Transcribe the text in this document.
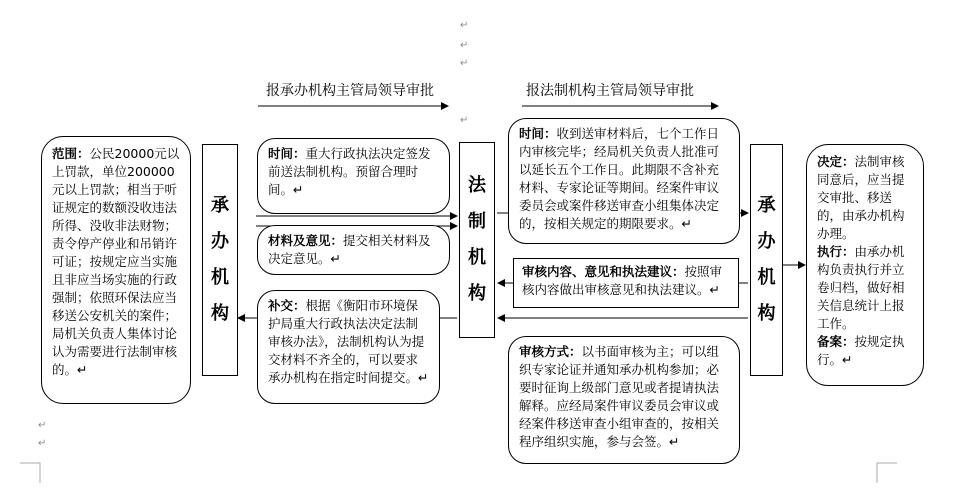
报承办机构主管局领导审批	报法制机构主管局领导审批
范围：公民20000元以上罚款，单位200000元以上罚款；相当于听证规定的数额没收违法所得、没收非法财物；责令停产停业和吊销许可证；按规定应当实施且非应当场实施的行政强制；依照环保法应当移送公安机关的案件；局机关负责人集体讨论认为需要进行法制审核的。↵
承
办
机
构
时间：重大行政执法决定签发前送法制机构。预留合理时间。↵
材料及意见：提交相关材料及决定意见。↵
补交：根据《衡阳市环境保护局重大行政执法决定法制审核办法》，法制机构认为提交材料不齐全的，可以要求承办机构在指定时间提交。↵
法
制
机
构
时间：收到送审材料后，七个工作日内审核完毕；经局机关负责人批准可以延长五个工作日。此期限不含补充材料、专家论证等期间。经案件审议委员会或案件移送审查小组集体决定的，按相关规定的期限要求。↵
审核内容、意见和执法建议：按照审核内容做出审核意见和执法建议。↵
审核方式：以书面审核为主；可以组织专家论证并通知承办机构参加；必要时征询上级部门意见或者提请执法解释。应经局案件审议委员会审议或经案件移送审查小组审查的，按相关程序组织实施，参与会签。↵
承
办
机
构
决定：法制审核同意后，应当提交审批、移送的，由承办机构办理。
执行：由承办机构负责执行并立卷归档，做好相关信息统计上报工作。
备案：按规定执行。↵
↵
↵
↵
↵
↵
↵
